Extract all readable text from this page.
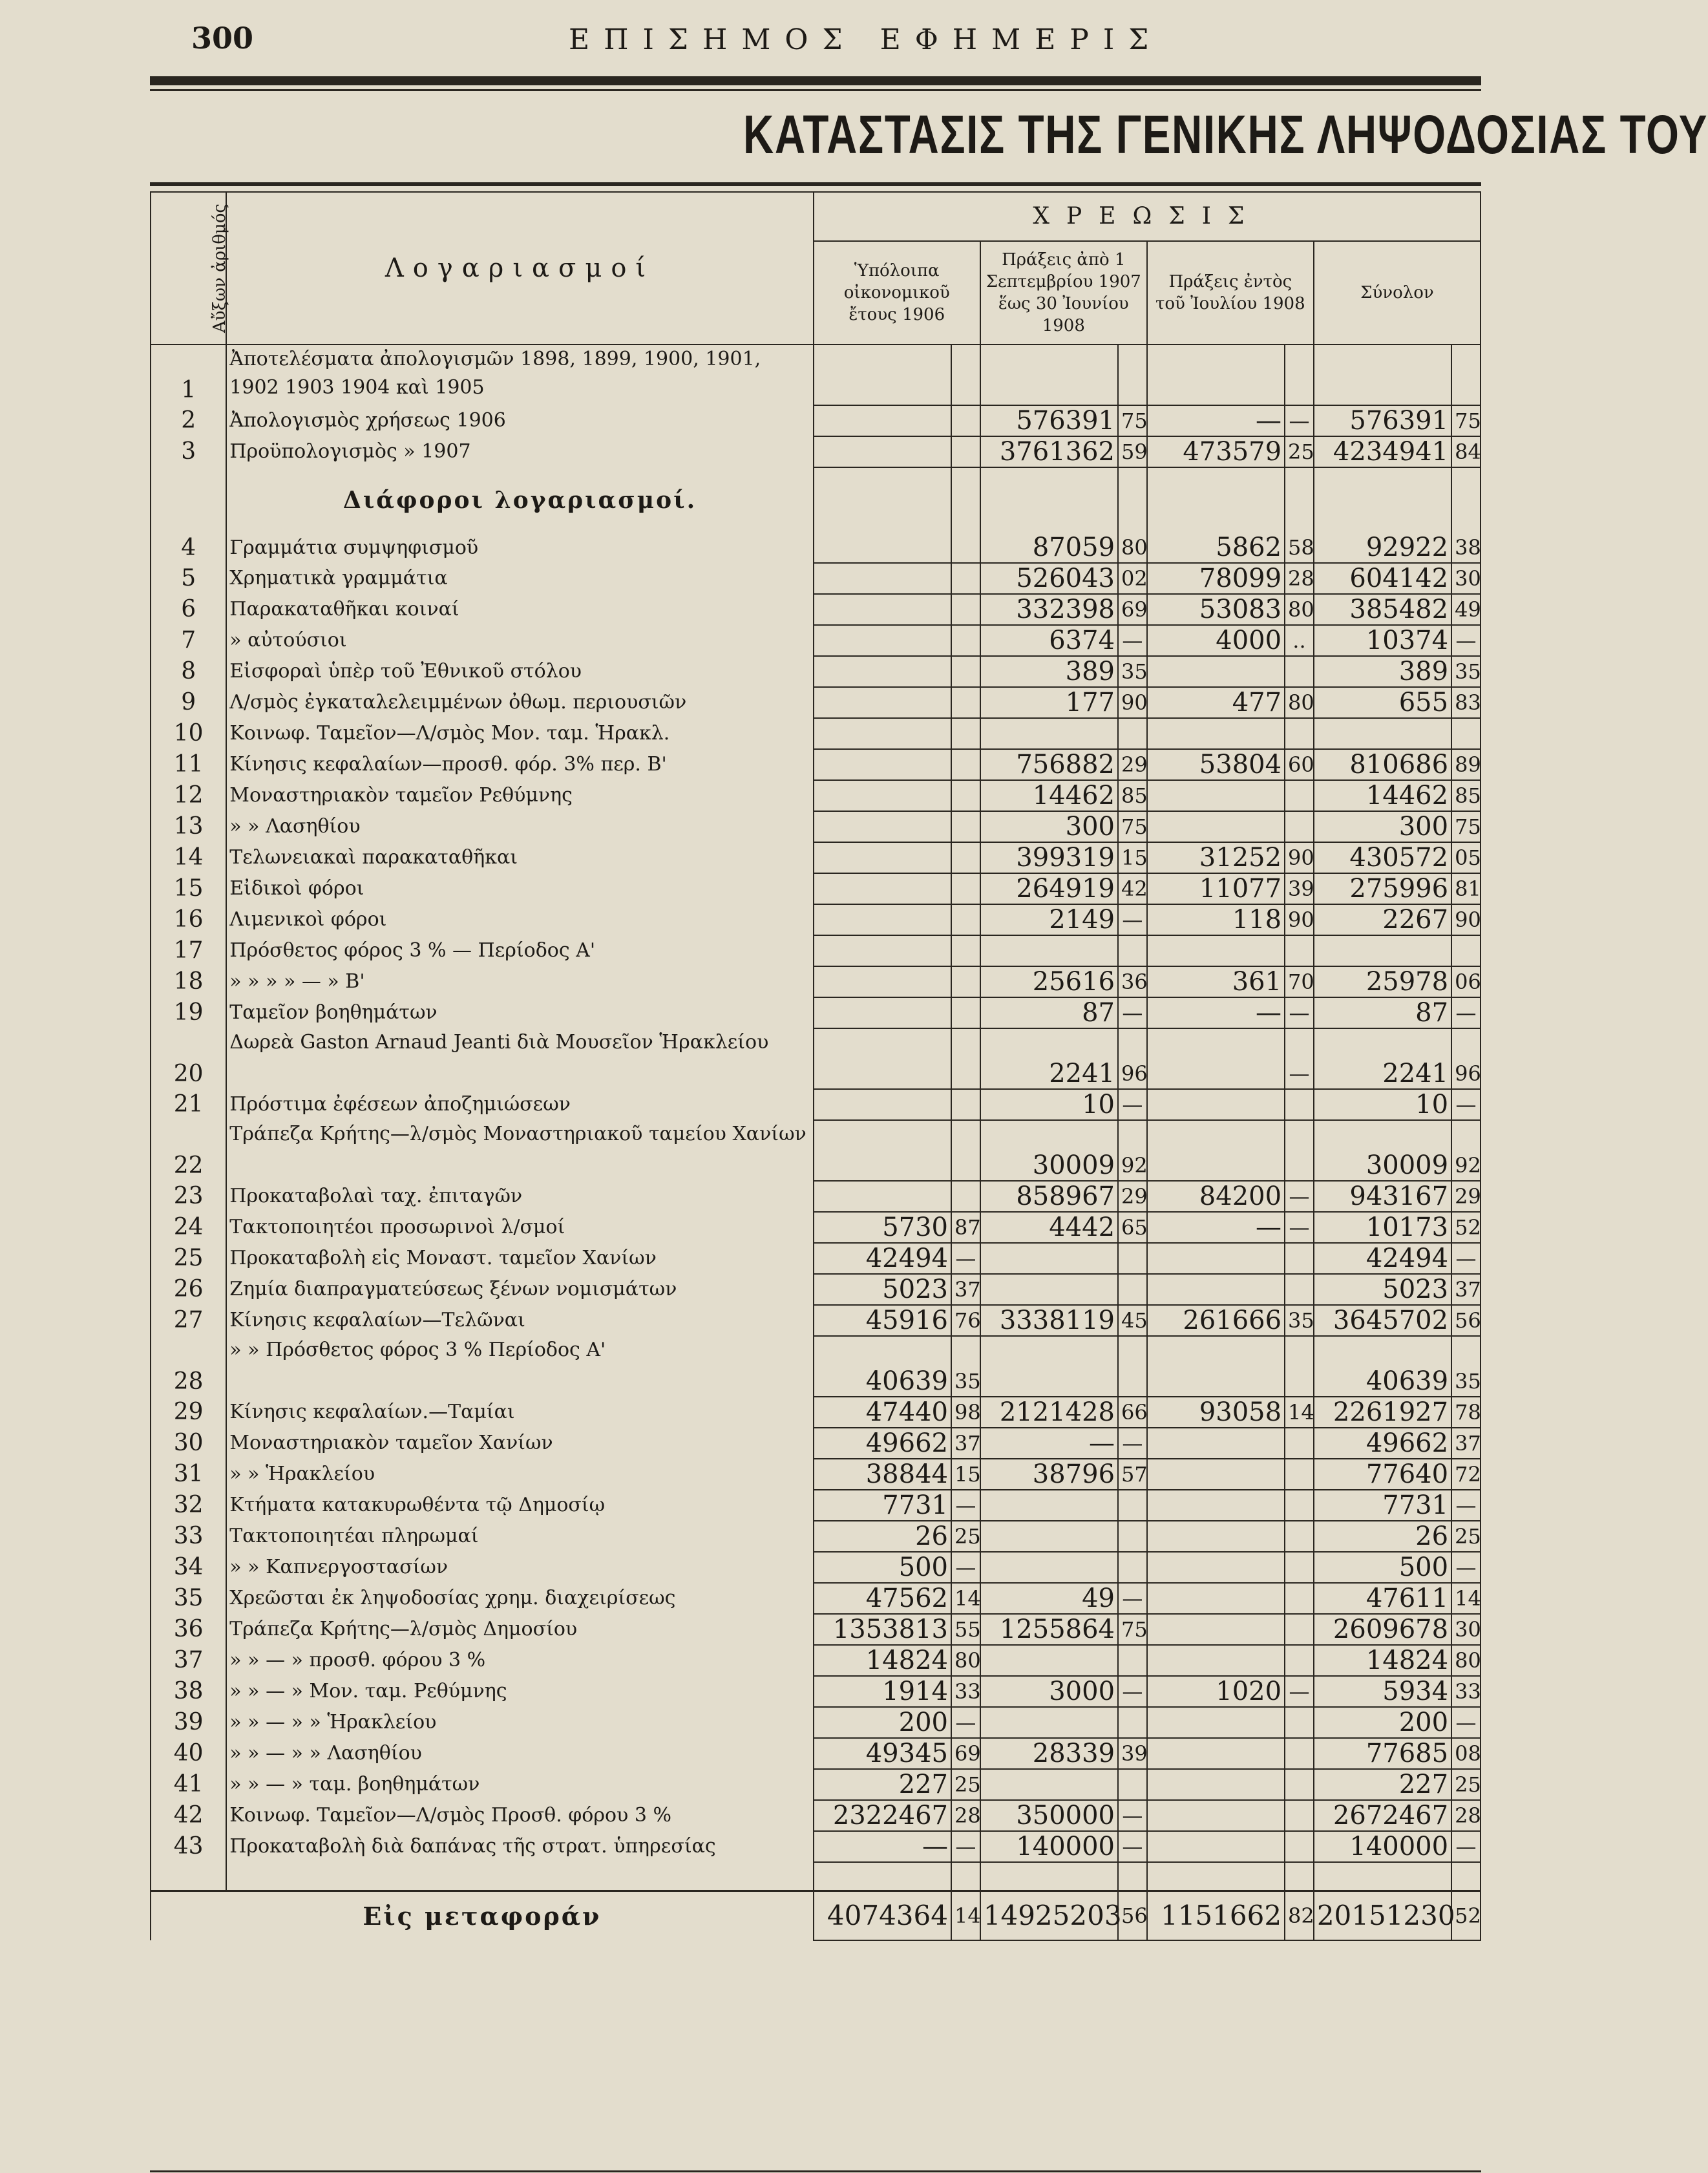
300	ΕΠΙΣΗΜΟΣ ΕΦΗΜΕΡΙΣ
ΚΑΤΑΣΤΑΣΙΣ ΤΗΣ ΓΕΝΙΚΗΣ ΛΗΨΟΔΟΣΙΑΣ ΤΟΥ
Αὔξων ἀριθμός	Λογαριασμοί	ΧΡΕΩΣΙΣ							
		Ὑπόλοιπα οἰκονομικοῦ ἔτους 1906		Πράξεις ἀπὸ 1 Σεπτεμβρίου 1907 ἕως 30 Ἰουνίου 1908		Πράξεις ἐντὸς τοῦ Ἰουλίου 1908		Σύνολον	
1	Ἀποτελέσματα ἀπολογισμῶν 1898, 1899, 1900, 1901, 1902 1903 1904 καὶ 1905								
2	Ἀπολογισμὸς χρήσεως 1906			576391	75	—	—	576391	75
3	Προϋπολογισμὸς » 1907			3761362	59	473579	25	4234941	84
	Διάφοροι λογαριασμοί.								
4	Γραμμάτια συμψηφισμοῦ			87059	80	5862	58	92922	38
5	Χρηματικὰ γραμμάτια			526043	02	78099	28	604142	30
6	Παρακαταθῆκαι κοιναί			332398	69	53083	80	385482	49
7	» αὐτούσιοι			6374	—	4000	..	10374	—
8	Εἰσφοραὶ ὑπὲρ τοῦ Ἐθνικοῦ στόλου			389	35			389	35
9	Λ/σμὸς ἐγκαταλελειμμένων ὀθωμ. περιουσιῶν			177	90	477	80	655	83
10	Κοινωφ. Ταμεῖον—Λ/σμὸς Μον. ταμ. Ἡρακλ.								
11	Κίνησις κεφαλαίων—προσθ. φόρ. 3% περ. Β'			756882	29	53804	60	810686	89
12	Μοναστηριακὸν ταμεῖον Ρεθύμνης			14462	85			14462	85
13	» » Λασηθίου			300	75			300	75
14	Τελωνειακαὶ παρακαταθῆκαι			399319	15	31252	90	430572	05
15	Εἰδικοὶ φόροι			264919	42	11077	39	275996	81
16	Λιμενικοὶ φόροι			2149	—	118	90	2267	90
17	Πρόσθετος φόρος 3 % — Περίοδος Α'								
18	» » » » — » Β'			25616	36	361	70	25978	06
19	Ταμεῖον βοηθημάτων			87	—	—	—	87	—
20	Δωρεὰ Gaston Arnaud Jeanti διὰ Μουσεῖον Ἡρακλείου			2241	96		—	2241	96
21	Πρόστιμα ἐφέσεων ἀποζημιώσεων			10	—			10	—
22	Τράπεζα Κρήτης—λ/σμὸς Μοναστηριακοῦ ταμείου Χανίων			30009	92			30009	92
23	Προκαταβολαὶ ταχ. ἐπιταγῶν			858967	29	84200	—	943167	29
24	Τακτοποιητέοι προσωρινοὶ λ/σμοί	5730	87	4442	65	—	—	10173	52
25	Προκαταβολὴ εἰς Μοναστ. ταμεῖον Χανίων	42494	—					42494	—
26	Ζημία διαπραγματεύσεως ξένων νομισμάτων	5023	37					5023	37
27	Κίνησις κεφαλαίων—Τελῶναι	45916	76	3338119	45	261666	35	3645702	56
28	» » Πρόσθετος φόρος 3 % Περίοδος Α'	40639	35					40639	35
29	Κίνησις κεφαλαίων.—Ταμίαι	47440	98	2121428	66	93058	14	2261927	78
30	Μοναστηριακὸν ταμεῖον Χανίων	49662	37	—	—			49662	37
31	» » Ἡρακλείου	38844	15	38796	57			77640	72
32	Κτήματα κατακυρωθέντα τῷ Δημοσίῳ	7731	—					7731	—
33	Τακτοποιητέαι πληρωμαί	26	25					26	25
34	» » Καπνεργοστασίων	500	—					500	—
35	Χρεῶσται ἐκ ληψοδοσίας χρημ. διαχειρίσεως	47562	14	49	—			47611	14
36	Τράπεζα Κρήτης—λ/σμὸς Δημοσίου	1353813	55	1255864	75			2609678	30
37	» » — » προσθ. φόρου 3 %	14824	80					14824	80
38	» » — » Μον. ταμ. Ρεθύμνης	1914	33	3000	—	1020	—	5934	33
39	» » — » » Ἡρακλείου	200	—					200	—
40	» » — » » Λασηθίου	49345	69	28339	39			77685	08
41	» » — » ταμ. βοηθημάτων	227	25					227	25
42	Κοινωφ. Ταμεῖον—Λ/σμὸς Προσθ. φόρου 3 %	2322467	28	350000	—			2672467	28
43	Προκαταβολὴ διὰ δαπάνας τῆς στρατ. ὑπηρεσίας	—	—	140000	—			140000	—

Εἰς μεταφοράν		4074364	14	14925203	56	1151662	82	20151230	52
